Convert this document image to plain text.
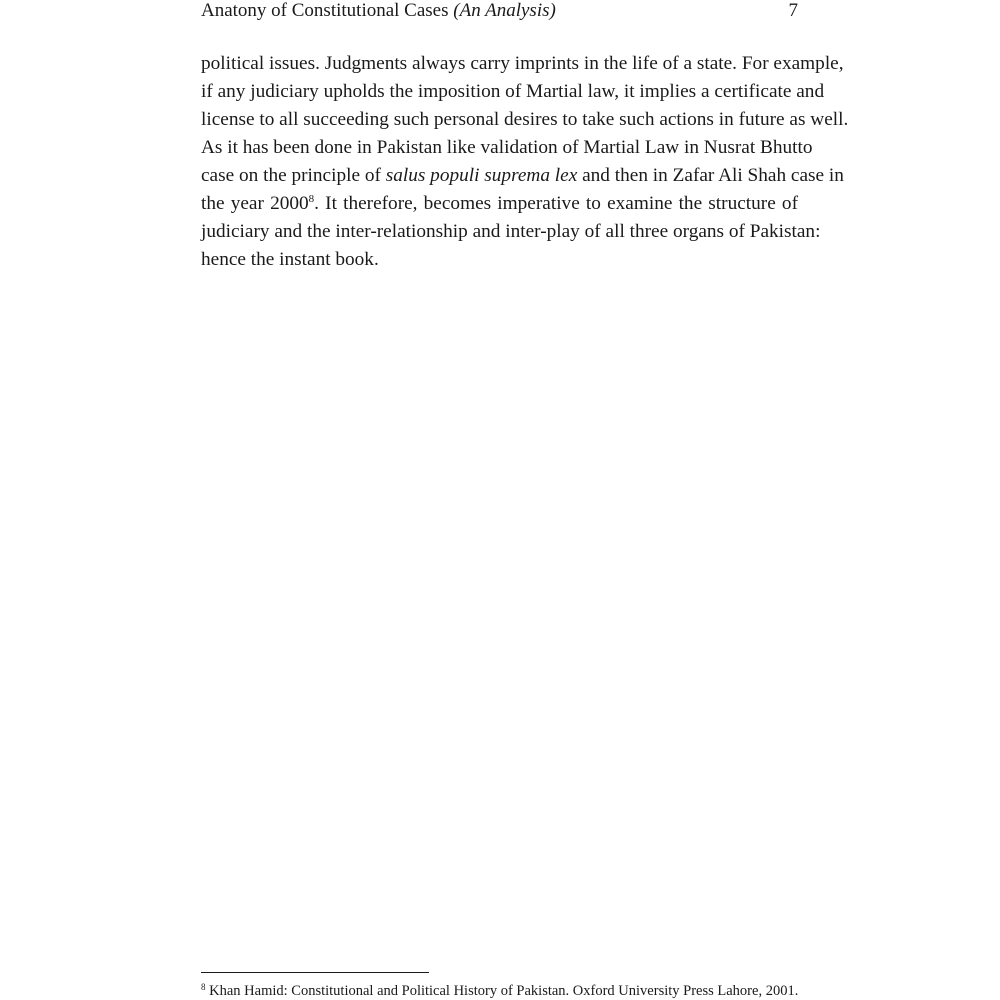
Anatony of Constitutional Cases (An Analysis)	7
political issues. Judgments always carry imprints in the life of a state. For example,
if any judiciary upholds the imposition of Martial law, it implies a certificate and
license to all succeeding such personal desires to take such actions in future as well.
As it has been done in Pakistan like validation of Martial Law in Nusrat Bhutto
case on the principle of salus populi suprema lex and then in Zafar Ali Shah case in
the year 2000$^8$. It therefore, becomes imperative to examine the structure of
judiciary and the inter-relationship and inter-play of all three organs of Pakistan:
hence the instant book.
$^8$ Khan Hamid: Constitutional and Political History of Pakistan. Oxford University Press Lahore, 2001.
